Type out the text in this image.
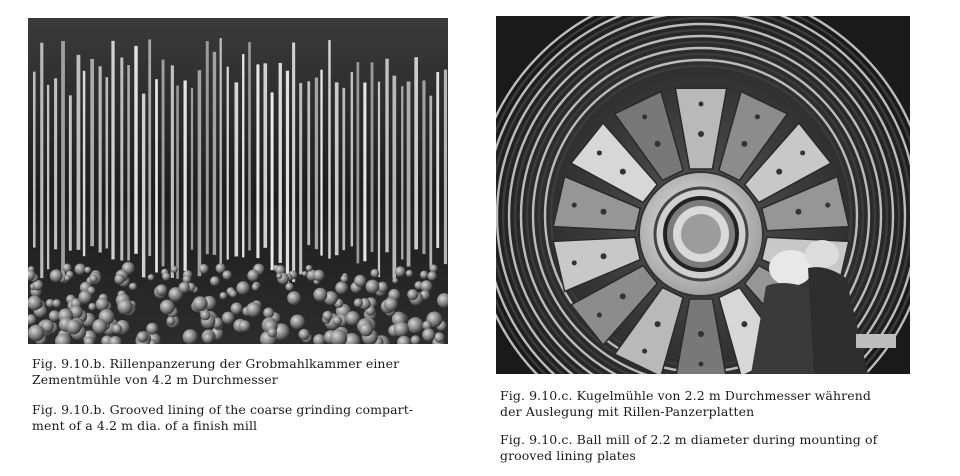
Fig. 9.10.b. Rillenpanzerung der Grobmahlkammer einer
Zementmühle von 4.2 m Durchmesser
Fig. 9.10.b. Grooved lining of the coarse grinding compart-
ment of a 4.2 m dia. of a finish mill
Fig. 9.10.c. Kugelmühle von 2.2 m Durchmesser während
der Auslegung mit Rillen-Panzerplatten
Fig. 9.10.c. Ball mill of 2.2 m diameter during mounting of
grooved lining plates
